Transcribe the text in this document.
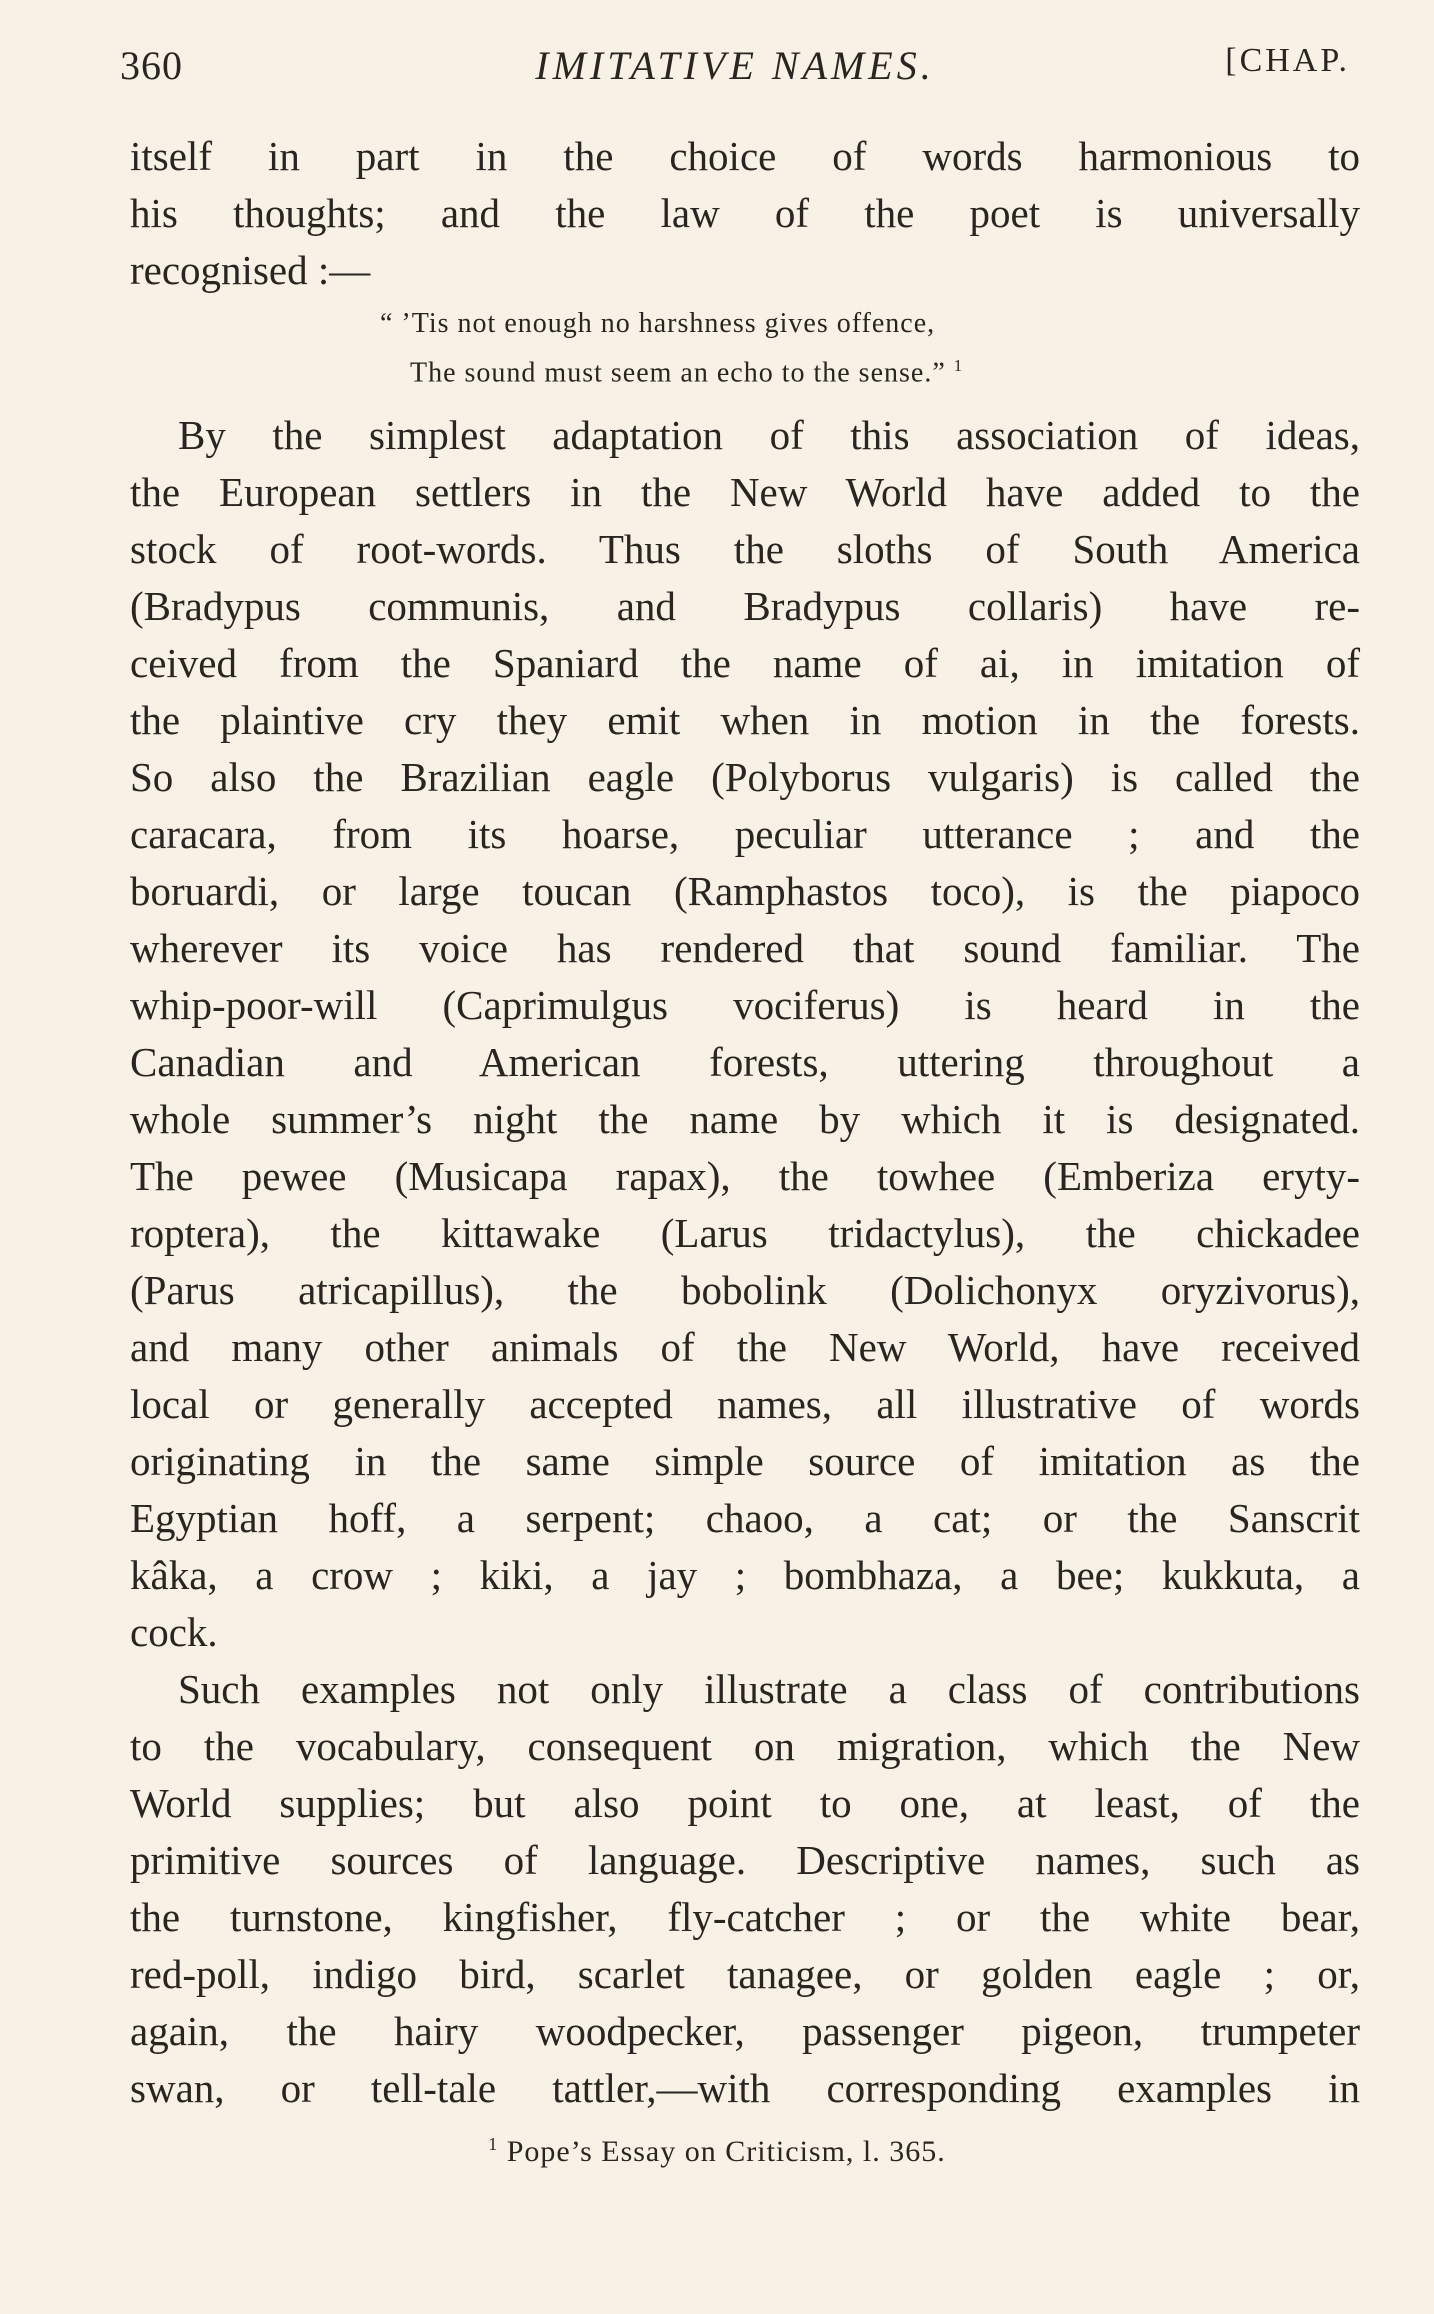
360	IMITATIVE NAMES.	[CHAP.
itself in part in the choice of words harmonious to
his thoughts; and the law of the poet is universally
recognised :—
“ ’Tis not enough no harshness gives offence,
The sound must seem an echo to the sense.” $^1$
By the simplest adaptation of this association of ideas,
the European settlers in the New World have added to the
stock of root-words. Thus the sloths of South America
(Bradypus communis, and Bradypus collaris) have re-
ceived from the Spaniard the name of ai, in imitation of
the plaintive cry they emit when in motion in the forests.
So also the Brazilian eagle (Polyborus vulgaris) is called the
caracara, from its hoarse, peculiar utterance ; and the
boruardi, or large toucan (Ramphastos toco), is the piapoco
wherever its voice has rendered that sound familiar. The
whip-poor-will (Caprimulgus vociferus) is heard in the
Canadian and American forests, uttering throughout a
whole summer’s night the name by which it is designated.
The pewee (Musicapa rapax), the towhee (Emberiza eryty-
roptera), the kittawake (Larus tridactylus), the chickadee
(Parus atricapillus), the bobolink (Dolichonyx oryzivorus),
and many other animals of the New World, have received
local or generally accepted names, all illustrative of words
originating in the same simple source of imitation as the
Egyptian hoff, a serpent; chaoo, a cat; or the Sanscrit
kâka, a crow ; kiki, a jay ; bombhaza, a bee; kukkuta, a
cock.
Such examples not only illustrate a class of contributions
to the vocabulary, consequent on migration, which the New
World supplies; but also point to one, at least, of the
primitive sources of language. Descriptive names, such as
the turnstone, kingfisher, fly-catcher ; or the white bear,
red-poll, indigo bird, scarlet tanagee, or golden eagle ; or,
again, the hairy woodpecker, passenger pigeon, trumpeter
swan, or tell-tale tattler,—with corresponding examples in
$^1$ Pope’s Essay on Criticism, l. 365.
